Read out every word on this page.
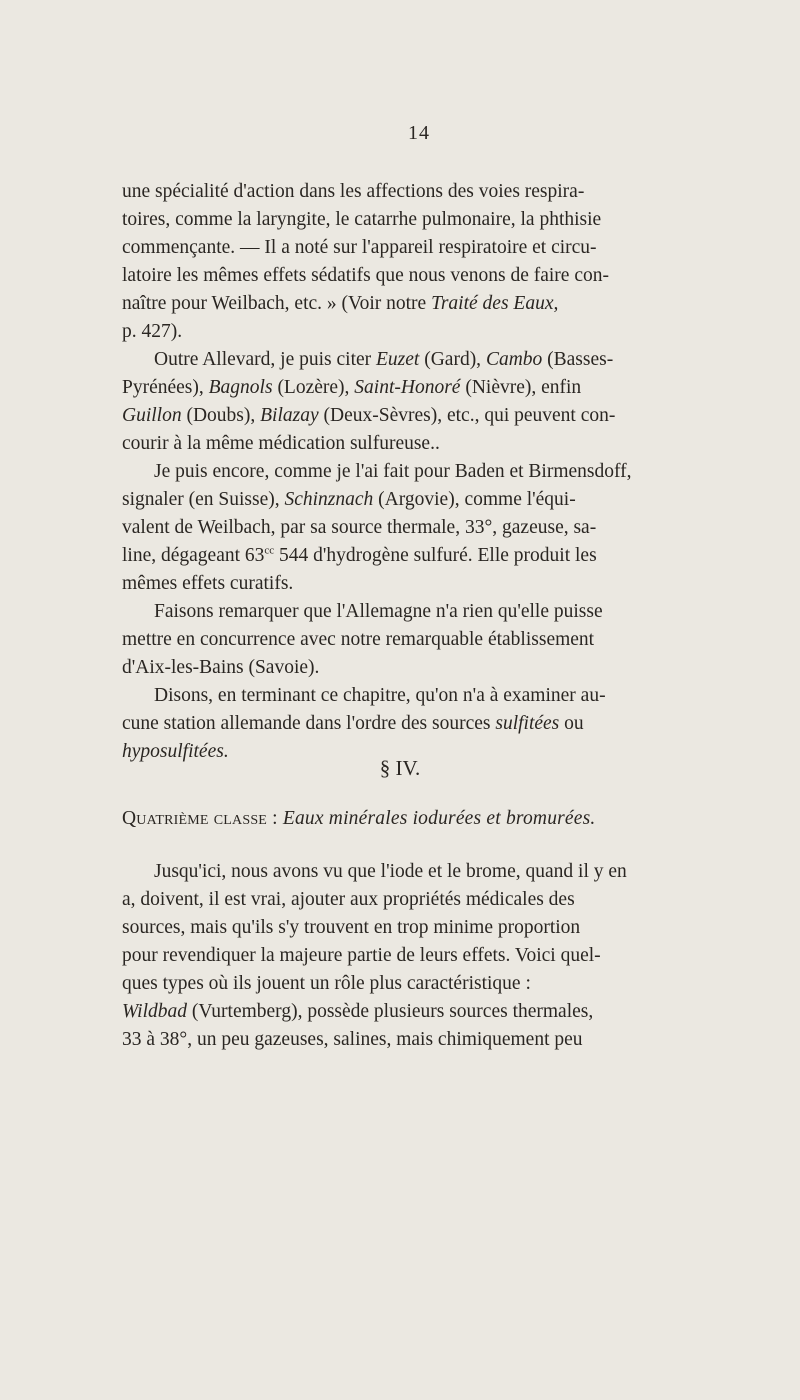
14

une spécialité d'action dans les affections des voies respira-

toires, comme la laryngite, le catarrhe pulmonaire, la phthisie

commençante. — Il a noté sur l'appareil respiratoire et circu-

latoire les mêmes effets sédatifs que nous venons de faire con-

naître pour Weilbach, etc. » (Voir notre Traité des Eaux,

p. 427).

Outre Allevard, je puis citer Euzet (Gard), Cambo (Basses-

Pyrénées), Bagnols (Lozère), Saint-Honoré (Nièvre), enfin

Guillon (Doubs), Bilazay (Deux-Sèvres), etc., qui peuvent con-

courir à la même médication sulfureuse..

Je puis encore, comme je l'ai fait pour Baden et Birmensdoff,

signaler (en Suisse), Schinznach (Argovie), comme l'équi-

valent de Weilbach, par sa source thermale, 33°, gazeuse, sa-

line, dégageant $63^{cc}$ 544 d'hydrogène sulfuré. Elle produit les

mêmes effets curatifs.

Faisons remarquer que l'Allemagne n'a rien qu'elle puisse

mettre en concurrence avec notre remarquable établissement

d'Aix-les-Bains (Savoie).

Disons, en terminant ce chapitre, qu'on n'a à examiner au-

cune station allemande dans l'ordre des sources sulfitées ou

hyposulfitées.

§ IV.
Quatrième classe : Eaux minérales iodurées et bromurées.

Jusqu'ici, nous avons vu que l'iode et le brome, quand il y en

a, doivent, il est vrai, ajouter aux propriétés médicales des

sources, mais qu'ils s'y trouvent en trop minime proportion

pour revendiquer la majeure partie de leurs effets. Voici quel-

ques types où ils jouent un rôle plus caractéristique :

Wildbad (Vurtemberg), possède plusieurs sources thermales,

33 à 38°, un peu gazeuses, salines, mais chimiquement peu
